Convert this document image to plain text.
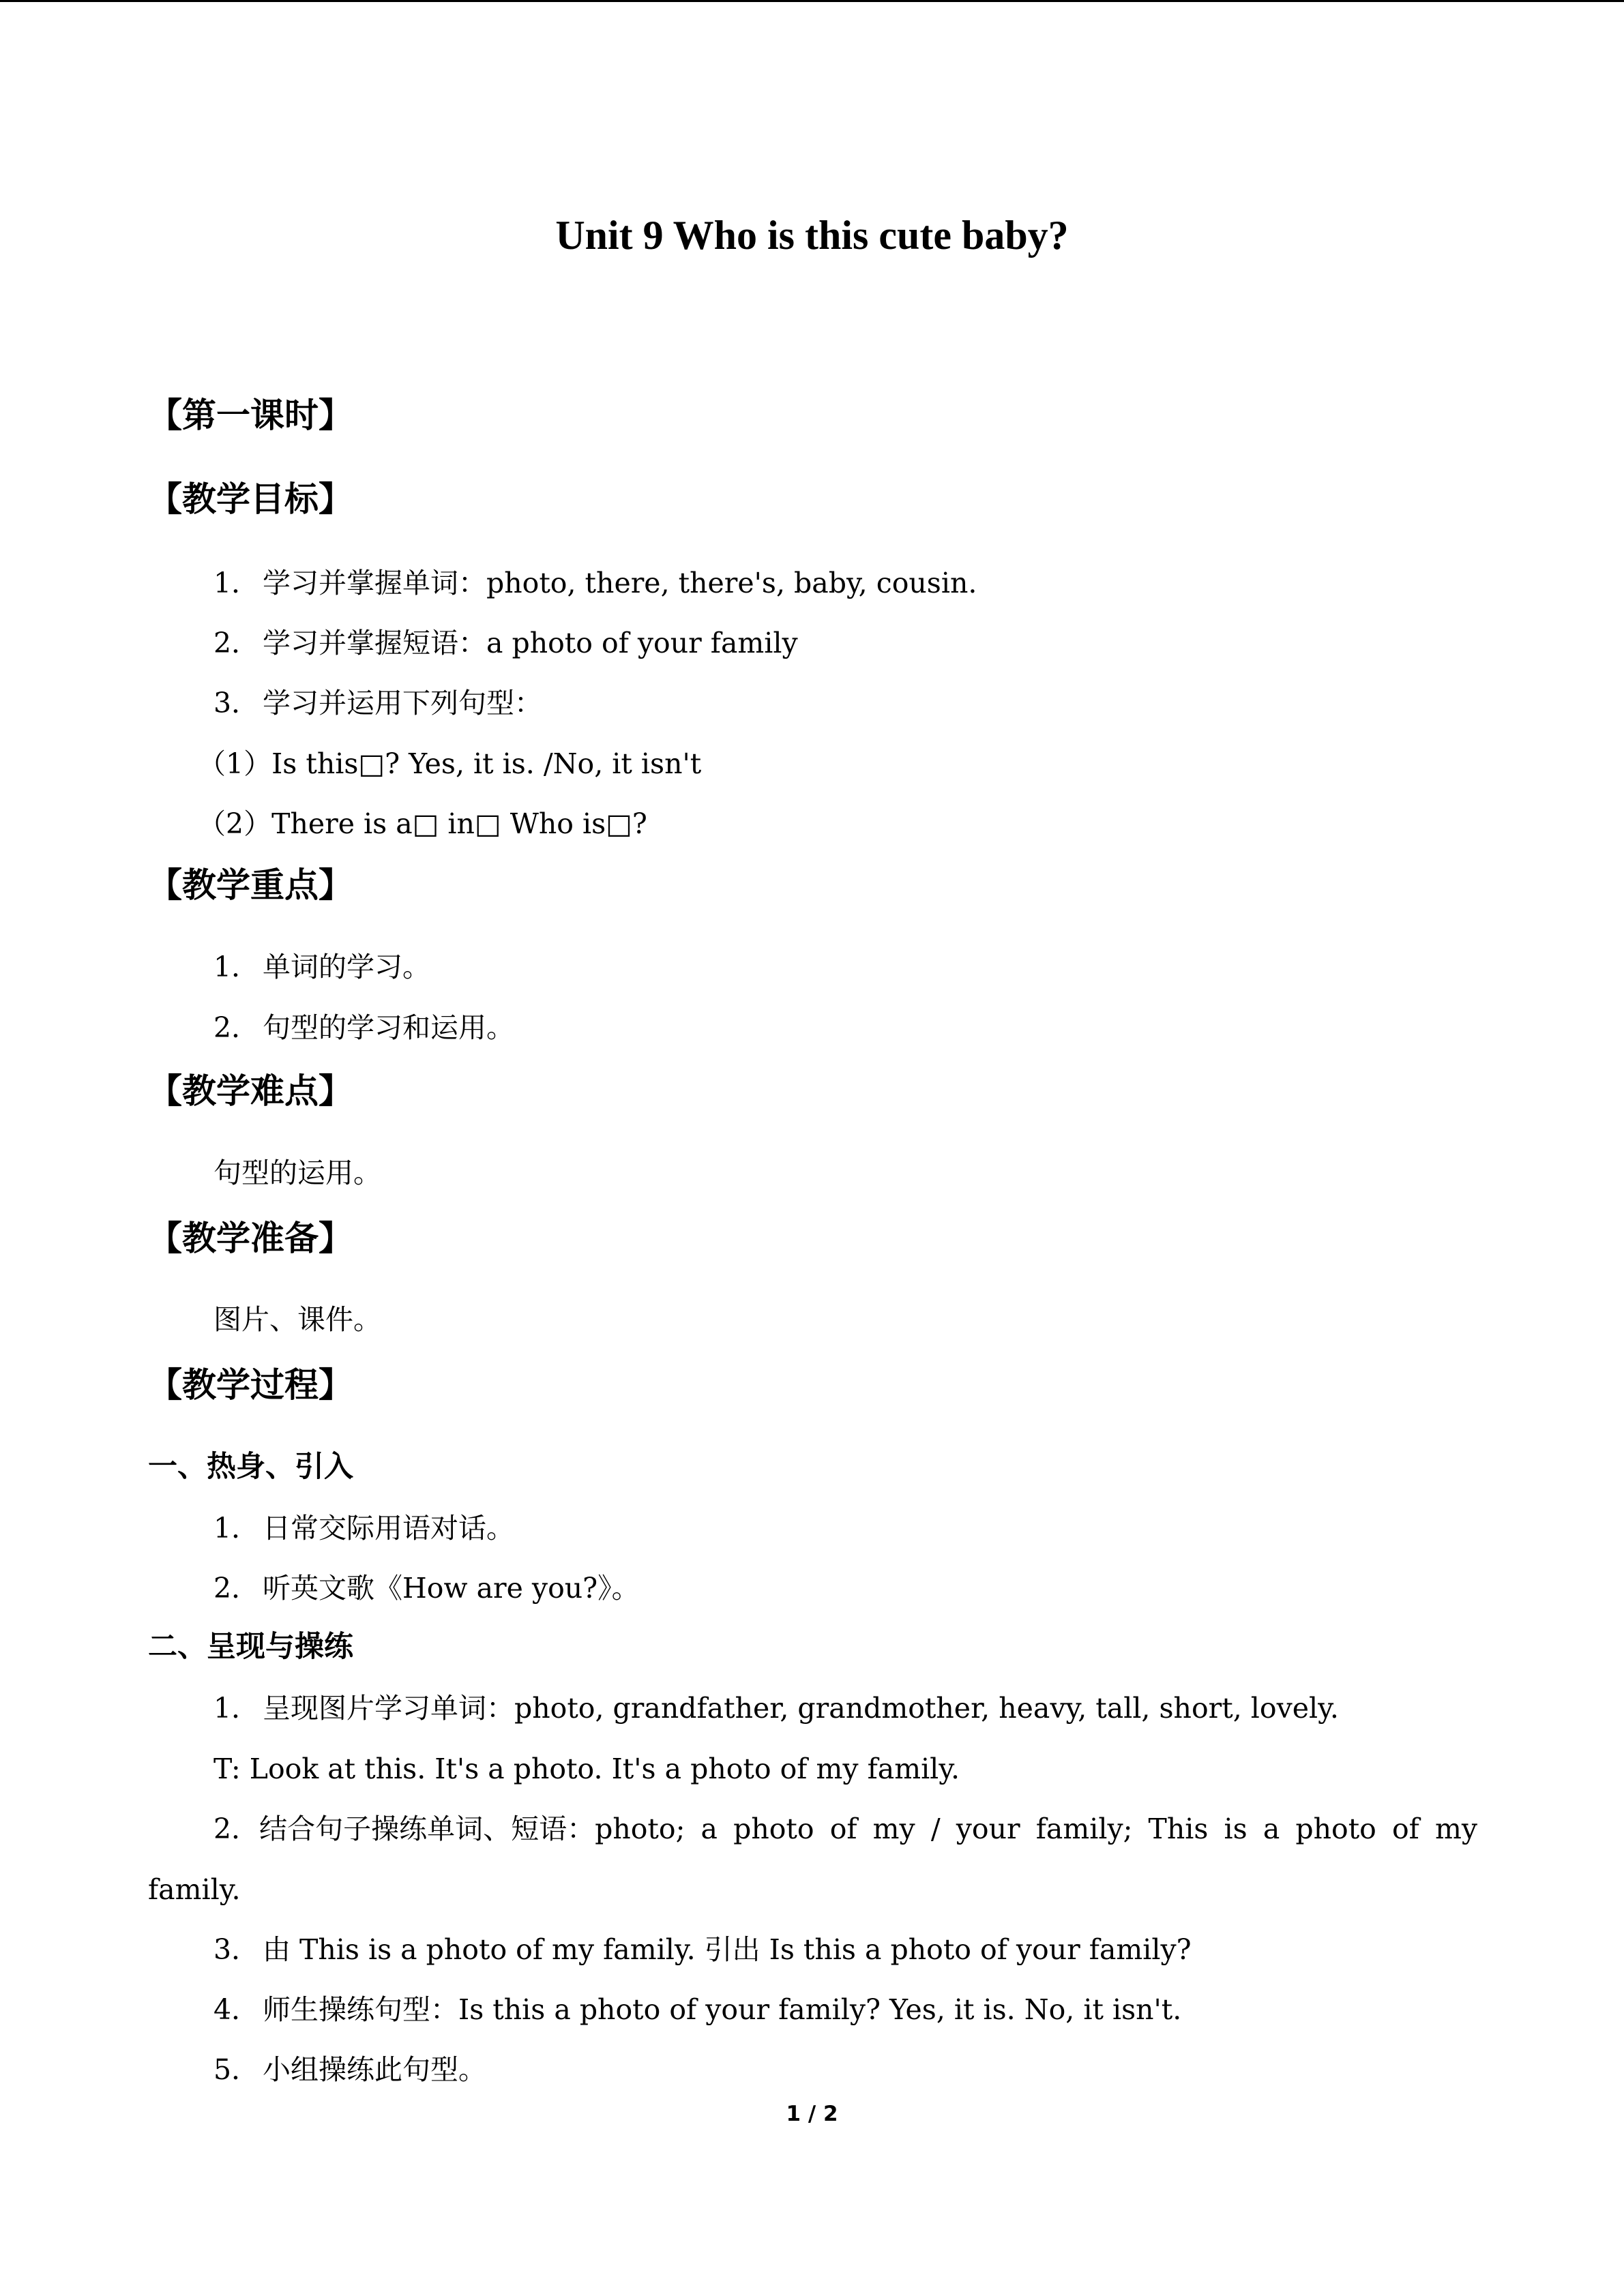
Unit 9 Who is this cute baby?

【第一课时】

【教学目标】

1． 学习并掌握单词：photo, there, there's, baby, cousin.

2． 学习并掌握短语：a photo of your family

3． 学习并运用下列句型：

（1）Is this□? Yes, it is. /No, it isn't

（2）There is a□ in□ Who is□?

【教学重点】

1． 单词的学习。

2． 句型的学习和运用。

【教学难点】

句型的运用。

【教学准备】

图片、课件。

【教学过程】

一、热身、引入

1． 日常交际用语对话。

2． 听英文歌《How are you?》。

二、呈现与操练

1． 呈现图片学习单词：photo, grandfather, grandmother, heavy, tall, short, lovely.

T: Look at this. It's a photo. It's a photo of my family.

2．结合句子操练单词、短语：photo; a photo of my / your family; This is a photo of my

family.

3． 由 This is a photo of my family. 引出 Is this a photo of your family?

4． 师生操练句型：Is this a photo of your family? Yes, it is. No, it isn't.

5． 小组操练此句型。

1 / 2
